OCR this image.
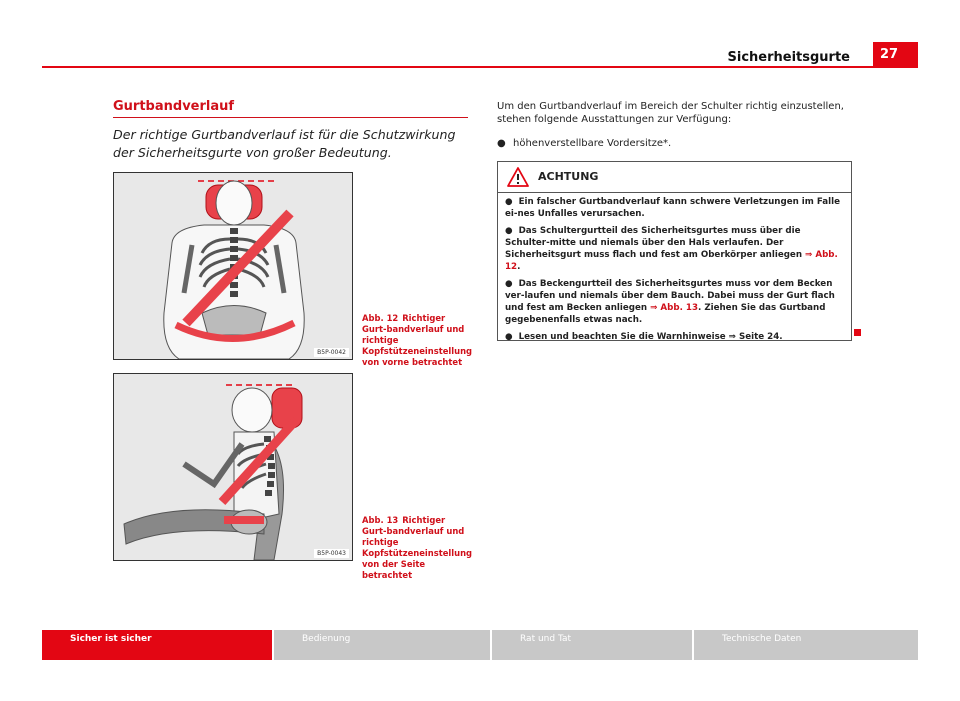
Sicherheitsgurte	27
Gurtbandverlauf
Der richtige Gurtbandverlauf ist für die Schutzwirkung der Sicherheitsgurte von großer Bedeutung.
B5P-0042
Abb. 12 Richtiger Gurt-bandverlauf und richtige Kopfstützeneinstellung von vorne betrachtet
B5P-0043
Abb. 13 Richtiger Gurt-bandverlauf und richtige Kopfstützeneinstellung von der Seite betrachtet
Um den Gurtbandverlauf im Bereich der Schulter richtig einzustellen, stehen folgende Ausstattungen zur Verfügung:
● höhenverstellbare Vordersitze*.
ACHTUNG
● Ein falscher Gurtbandverlauf kann schwere Verletzungen im Falle ei-nes Unfalles verursachen.
● Das Schultergurtteil des Sicherheitsgurtes muss über die Schulter-mitte und niemals über den Hals verlaufen. Der Sicherheitsgurt muss flach und fest am Oberkörper anliegen ⇒ Abb. 12.
● Das Beckengurtteil des Sicherheitsgurtes muss vor dem Becken ver-laufen und niemals über dem Bauch. Dabei muss der Gurt flach und fest am Becken anliegen ⇒ Abb. 13. Ziehen Sie das Gurtband gegebenenfalls etwas nach.
● Lesen und beachten Sie die Warnhinweise ⇒ Seite 24.
Sicher ist sicher	Bedienung	Rat und Tat	Technische Daten
